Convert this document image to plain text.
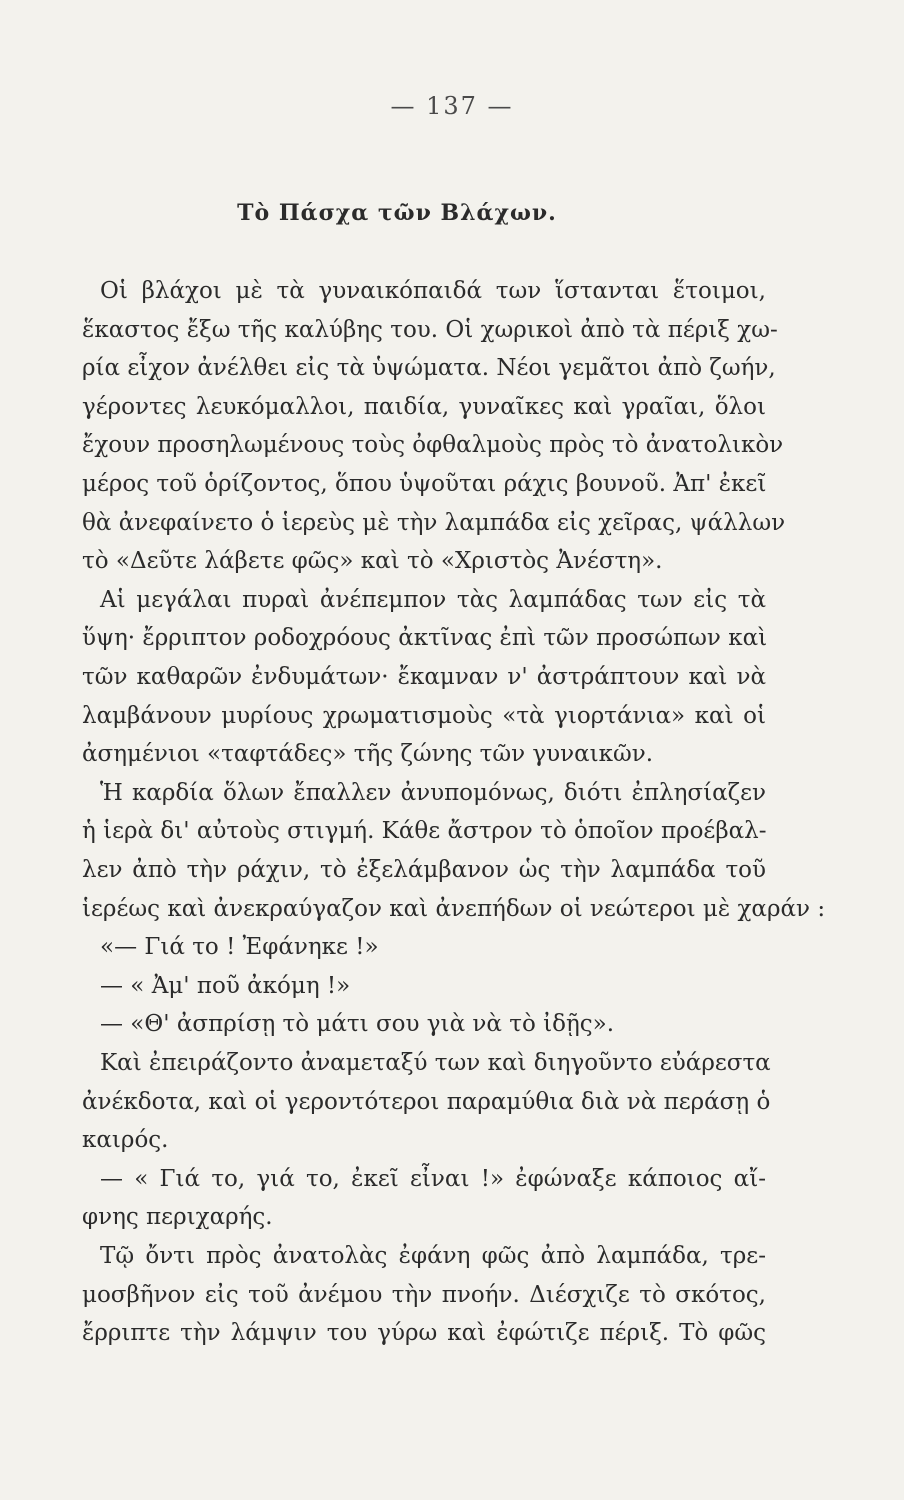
— 137 —
Τὸ Πάσχα τῶν Βλάχων.
Οἱ βλάχοι μὲ τὰ γυναικόπαιδά των ἵστανται ἕτοιμοι,
ἕκαστος ἔξω τῆς καλύβης του. Οἱ χωρικοὶ ἀπὸ τὰ πέριξ χω-
ρία εἶχον ἀνέλθει εἰς τὰ ὑψώματα. Νέοι γεμᾶτοι ἀπὸ ζωήν,
γέροντες λευκόμαλλοι, παιδία, γυναῖκες καὶ γραῖαι, ὅλοι
ἔχουν προσηλωμένους τοὺς ὀφθαλμοὺς πρὸς τὸ ἀνατολικὸν
μέρος τοῦ ὁρίζοντος, ὅπου ὑψοῦται ράχις βουνοῦ. Ἀπ' ἐκεῖ
θὰ ἀνεφαίνετο ὁ ἱερεὺς μὲ τὴν λαμπάδα εἰς χεῖρας, ψάλλων
τὸ «Δεῦτε λάβετε φῶς» καὶ τὸ «Χριστὸς Ἀνέστη».
Αἱ μεγάλαι πυραὶ ἀνέπεμπον τὰς λαμπάδας των εἰς τὰ
ὕψη· ἔρριπτον ροδοχρόους ἀκτῖνας ἐπὶ τῶν προσώπων καὶ
τῶν καθαρῶν ἐνδυμάτων· ἔκαμναν ν' ἀστράπτουν καὶ νὰ
λαμβάνουν μυρίους χρωματισμοὺς «τὰ γιορτάνια» καὶ οἱ
ἀσημένιοι «ταφτάδες» τῆς ζώνης τῶν γυναικῶν.
Ἡ καρδία ὅλων ἔπαλλεν ἀνυπομόνως, διότι ἐπλησίαζεν
ἡ ἱερὰ δι' αὐτοὺς στιγμή. Κάθε ἄστρον τὸ ὁποῖον προέβαλ-
λεν ἀπὸ τὴν ράχιν, τὸ ἐξελάμβανον ὡς τὴν λαμπάδα τοῦ
ἱερέως καὶ ἀνεκραύγαζον καὶ ἀνεπήδων οἱ νεώτεροι μὲ χαράν :
«— Γιά το ! Ἐφάνηκε !»
— « Ἀμ' ποῦ ἀκόμη !»
— «Θ' ἀσπρίσῃ τὸ μάτι σου γιὰ νὰ τὸ ἰδῇς».
Καὶ ἐπειράζοντο ἀναμεταξύ των καὶ διηγοῦντο εὐάρεστα
ἀνέκδοτα, καὶ οἱ γεροντότεροι παραμύθια διὰ νὰ περάσῃ ὁ
καιρός.
— « Γιά το, γιά το, ἐκεῖ εἶναι !» ἐφώναξε κάποιος αἴ-
φνης περιχαρής.
Τῷ ὄντι πρὸς ἀνατολὰς ἐφάνη φῶς ἀπὸ λαμπάδα, τρε-
μοσβῆνον εἰς τοῦ ἀνέμου τὴν πνοήν. Διέσχιζε τὸ σκότος,
ἔρριπτε τὴν λάμψιν του γύρω καὶ ἐφώτιζε πέριξ. Τὸ φῶς
